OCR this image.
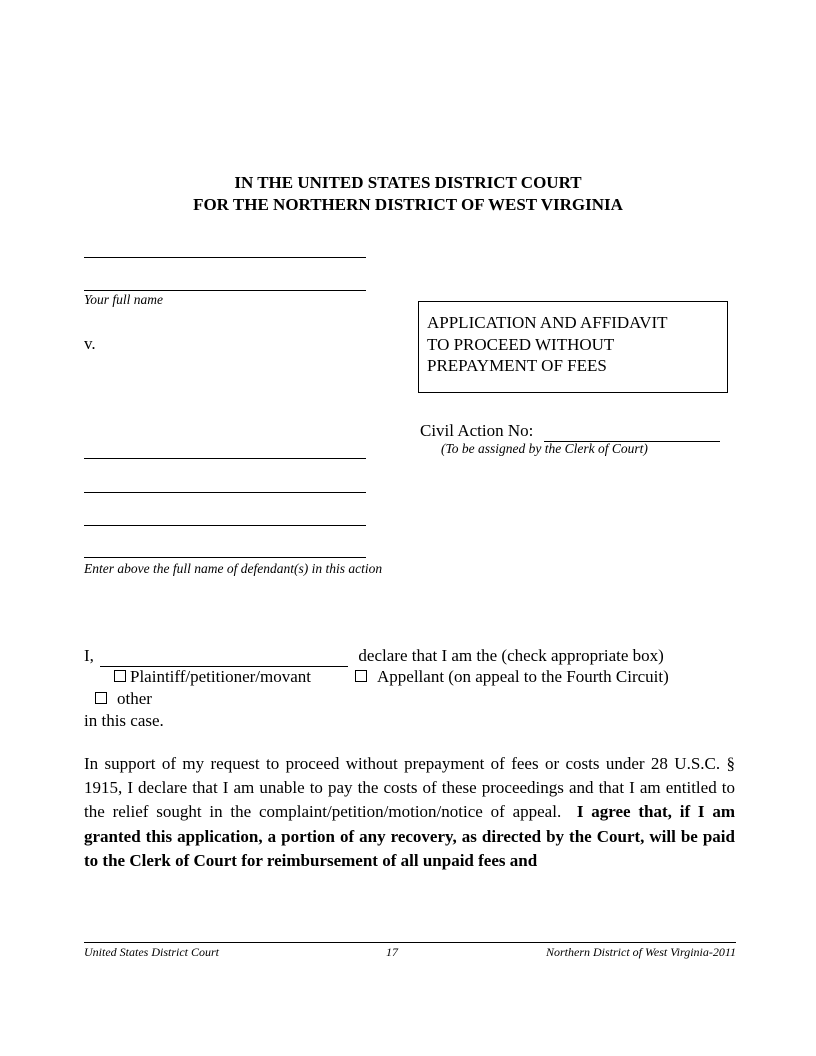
IN THE UNITED STATES DISTRICT COURT
FOR THE NORTHERN DISTRICT OF WEST VIRGINIA
Your full name
v.
APPLICATION AND AFFIDAVIT
TO PROCEED WITHOUT
PREPAYMENT OF FEES
Civil Action No:
(To be assigned by the Clerk of Court)
Enter above the full name of defendant(s) in this action
I,	declare that I am the (check appropriate box)
Plaintiff/petitioner/movant	Appellant (on appeal to the Fourth Circuit)
other
in this case.
In support of my request to proceed without prepayment of fees or costs under 28 U.S.C. § 1915, I declare that I am unable to pay the costs of these proceedings and that I am entitled to the relief sought in the complaint/petition/motion/notice of appeal. I agree that, if I am granted this application, a portion of any recovery, as directed by the Court, will be paid to the Clerk of Court for reimbursement of all unpaid fees and
United States District Court	17	Northern District of West Virginia-2011
